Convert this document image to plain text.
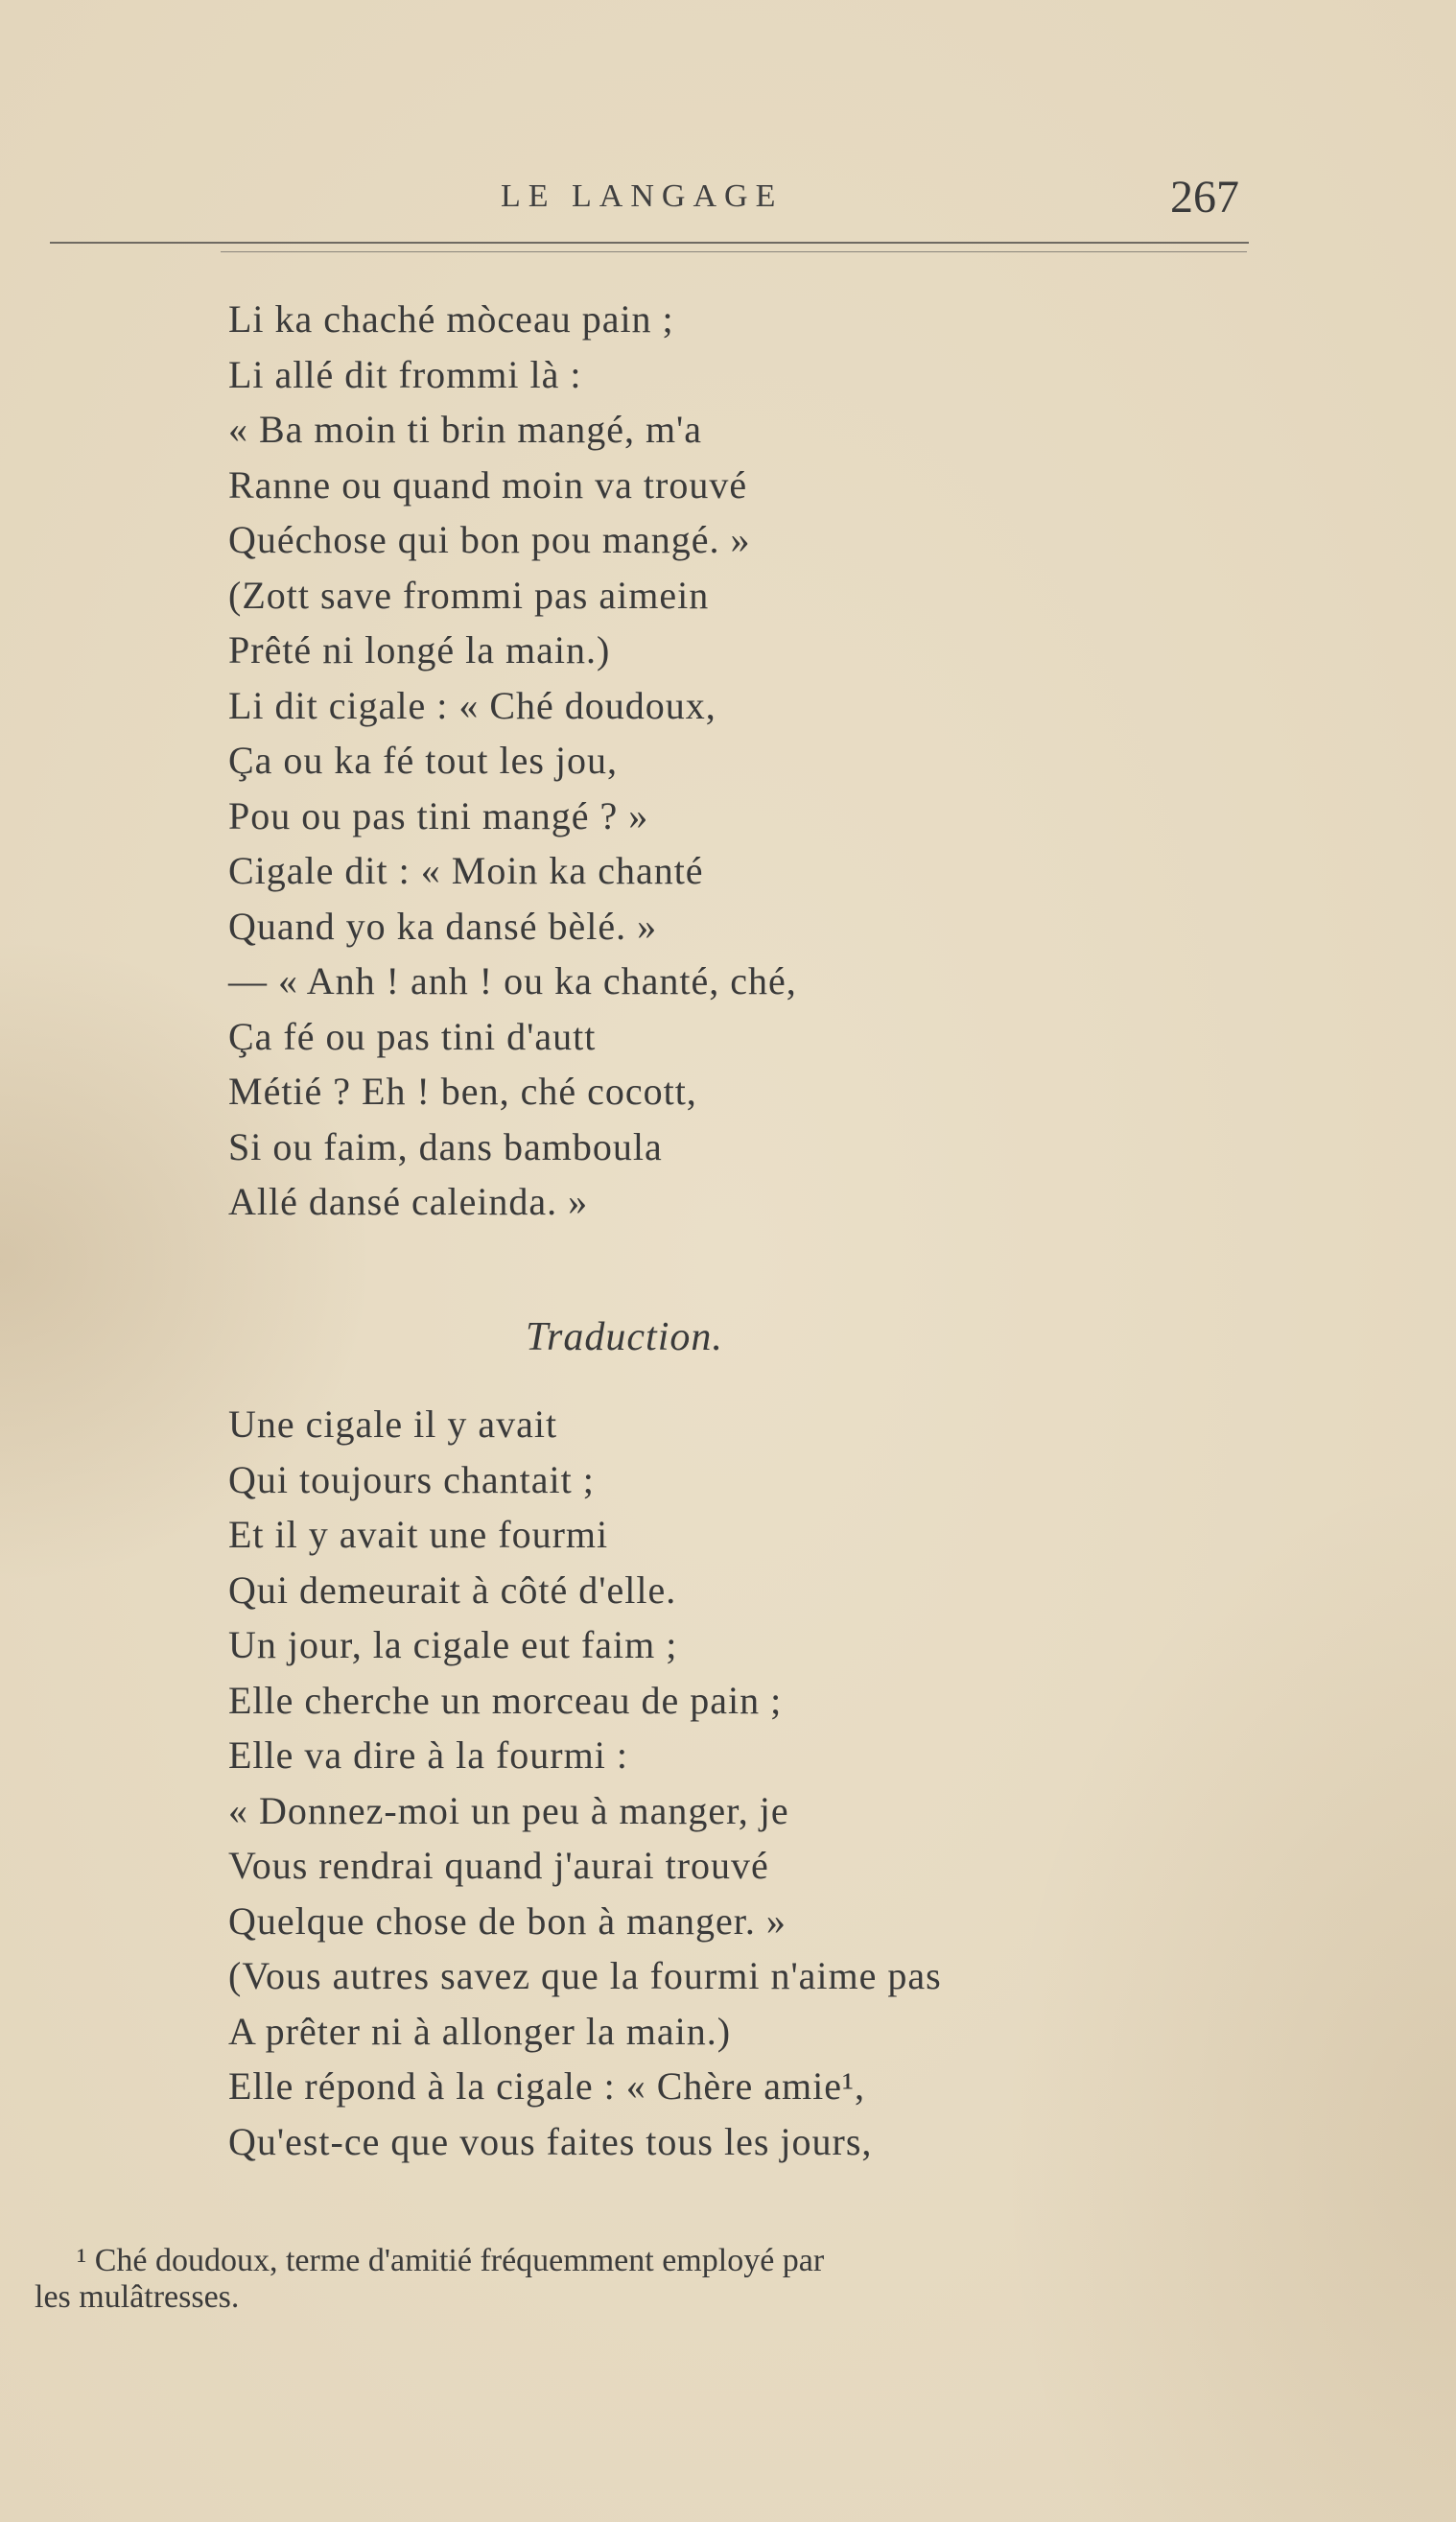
LE LANGAGE	267
Li ka chaché mòceau pain ;
Li allé dit frommi là :
« Ba moin ti brin mangé, m'a
Ranne ou quand moin va trouvé
Quéchose qui bon pou mangé. »
(Zott save frommi pas aimein
Prêté ni longé la main.)
Li dit cigale : « Ché doudoux,
Ça ou ka fé tout les jou,
Pou ou pas tini mangé ? »
Cigale dit : « Moin ka chanté
Quand yo ka dansé bèlé. »
— « Anh ! anh ! ou ka chanté, ché,
Ça fé ou pas tini d'autt
Métié ? Eh ! ben, ché cocott,
Si ou faim, dans bamboula
Allé dansé caleinda. »
Traduction.
Une cigale il y avait
Qui toujours chantait ;
Et il y avait une fourmi
Qui demeurait à côté d'elle.
Un jour, la cigale eut faim ;
Elle cherche un morceau de pain ;
Elle va dire à la fourmi :
« Donnez-moi un peu à manger, je
Vous rendrai quand j'aurai trouvé
Quelque chose de bon à manger. »
(Vous autres savez que la fourmi n'aime pas
A prêter ni à allonger la main.)
Elle répond à la cigale : « Chère amie¹,
Qu'est-ce que vous faites tous les jours,
¹ Ché doudoux, terme d'amitié fréquemment employé par
les mulâtresses.
